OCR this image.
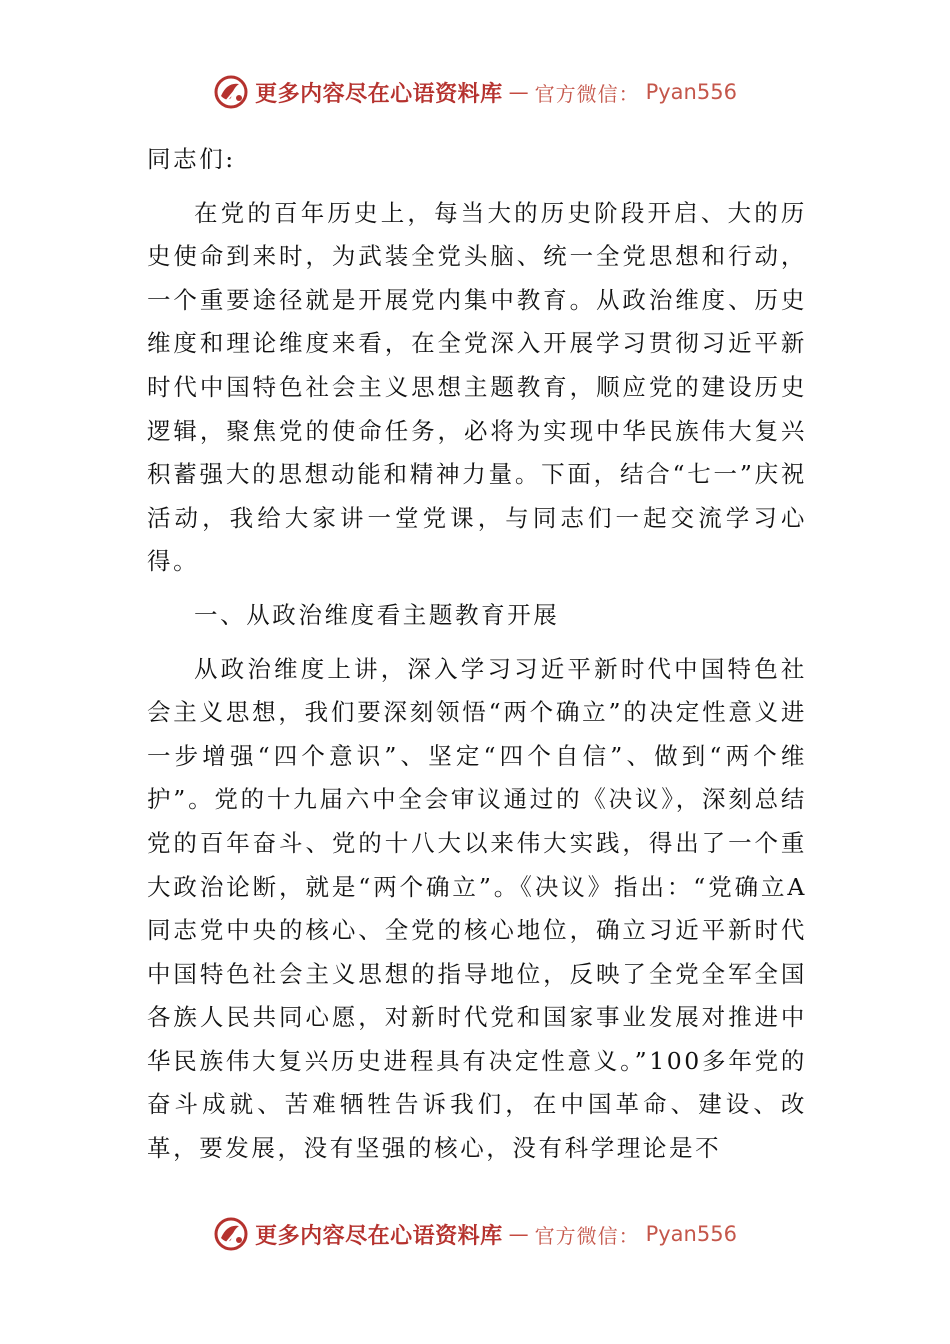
更多内容尽在心语资料库 — 官方微信： Pyan556

同志们:

在党的百年历史上，每当大的历史阶段开启、大的历史使命到来时，为武装全党头脑、统一全党思想和行动，一个重要途径就是开展党内集中教育。从政治维度、历史维度和理论维度来看，在全党深入开展学习贯彻习近平新时代中国特色社会主义思想主题教育，顺应党的建设历史逻辑，聚焦党的使命任务，必将为实现中华民族伟大复兴积蓄强大的思想动能和精神力量。下面，结合“七一”庆祝活动，我给大家讲一堂党课，与同志们一起交流学习心得。

一、从政治维度看主题教育开展

从政治维度上讲，深入学习习近平新时代中国特色社会主义思想，我们要深刻领悟“两个确立”的决定性意义进一步增强“四个意识”、坚定“四个自信”、做到“两个维护”。党的十九届六中全会审议通过的《决议》，深刻总结党的百年奋斗、党的十八大以来伟大实践，得出了一个重大政治论断，就是“两个确立”。《决议》指出：“党确立A同志党中央的核心、全党的核心地位，确立习近平新时代中国特色社会主义思想的指导地位，反映了全党全军全国各族人民共同心愿，对新时代党和国家事业发展对推进中华民族伟大复兴历史进程具有决定性意义。”100多年党的奋斗成就、苦难牺牲告诉我们，在中国革命、建设、改革，要发展，没有坚强的核心，没有科学理论是不

更多内容尽在心语资料库 — 官方微信： Pyan556
